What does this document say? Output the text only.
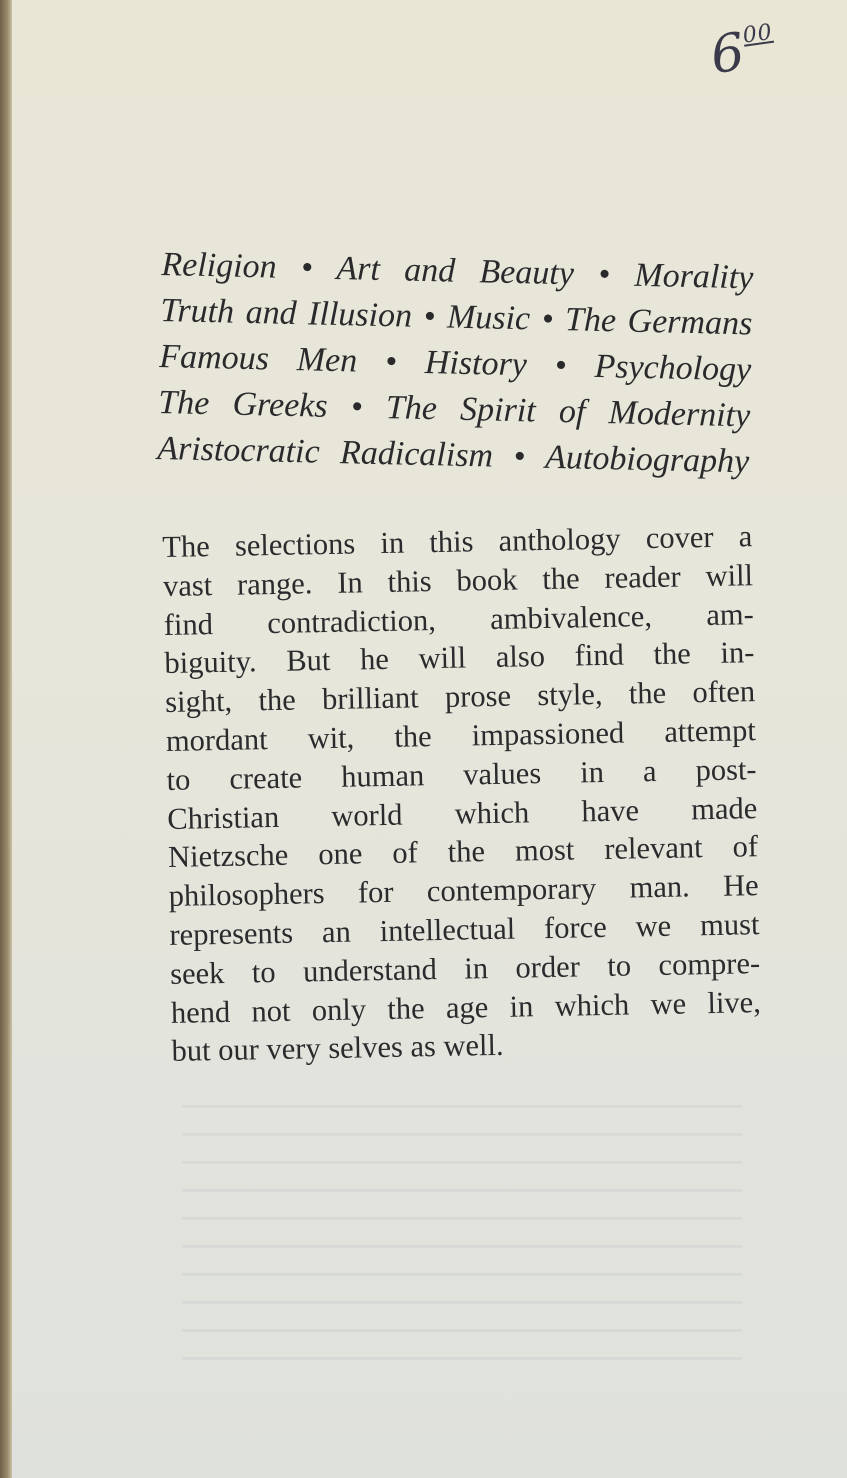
$6^{00}$
Religion • Art and Beauty • Morality
Truth and Illusion • Music • The Germans
Famous Men • History • Psychology
The Greeks • The Spirit of Modernity
Aristocratic Radicalism • Autobiography
The selections in this anthology cover a
vast range. In this book the reader will
find contradiction, ambivalence, am-
biguity. But he will also find the in-
sight, the brilliant prose style, the often
mordant wit, the impassioned attempt
to create human values in a post-
Christian world which have made
Nietzsche one of the most relevant of
philosophers for contemporary man. He
represents an intellectual force we must
seek to understand in order to compre-
hend not only the age in which we live,
but our very selves as well.
